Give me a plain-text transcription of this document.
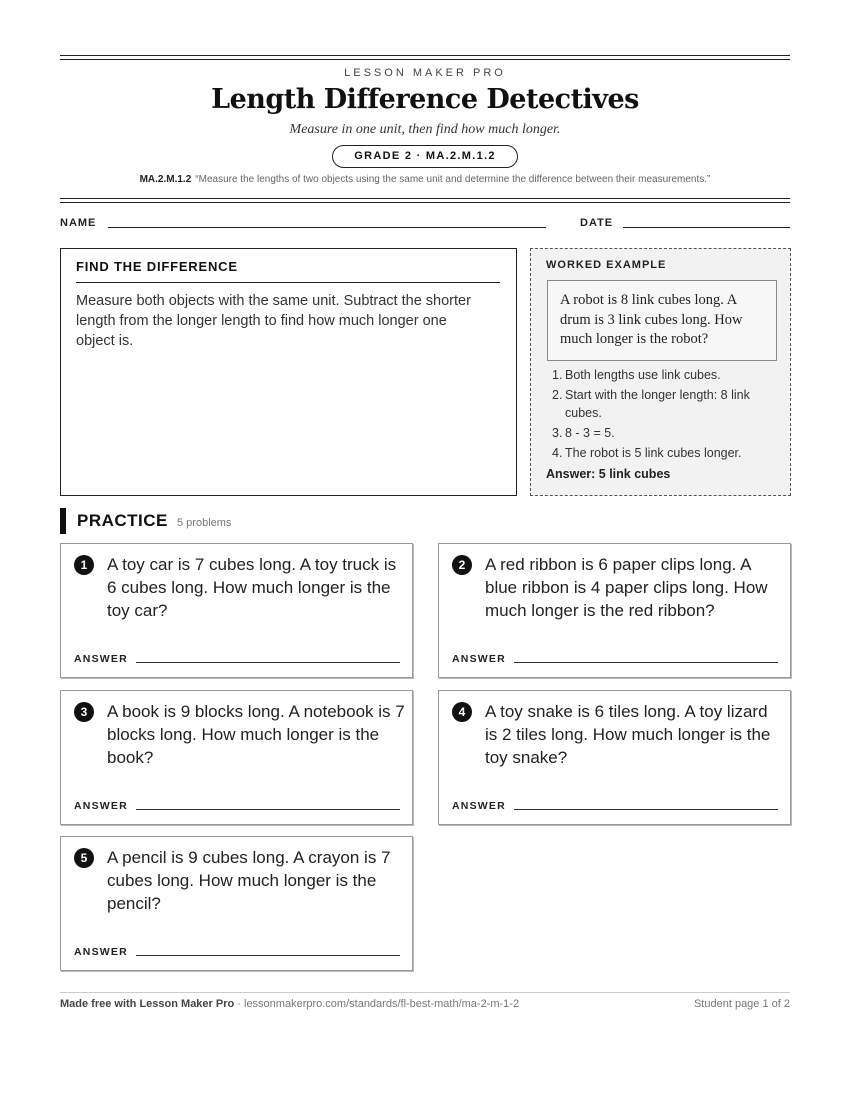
LESSON MAKER PRO
Length Difference Detectives
Measure in one unit, then find how much longer.
GRADE 2 · MA.2.M.1.2
MA.2.M.1.2 “Measure the lengths of two objects using the same unit and determine the difference between their measurements.”
NAME	DATE
FIND THE DIFFERENCE
Measure both objects with the same unit. Subtract the shorter length from the longer length to find how much longer one object is.
WORKED EXAMPLE
A robot is 8 link cubes long. A drum is 3 link cubes long. How much longer is the robot?
1. Both lengths use link cubes.
2. Start with the longer length: 8 link cubes.
3. 8 - 3 = 5.
4. The robot is 5 link cubes longer.
Answer: 5 link cubes
PRACTICE 5 problems
1	A toy car is 7 cubes long. A toy truck is 6 cubes long. How much longer is the toy car?
ANSWER
2	A red ribbon is 6 paper clips long. A blue ribbon is 4 paper clips long. How much longer is the red ribbon?
ANSWER
3	A book is 9 blocks long. A notebook is 7 blocks long. How much longer is the book?
ANSWER
4	A toy snake is 6 tiles long. A toy lizard is 2 tiles long. How much longer is the toy snake?
ANSWER
5	A pencil is 9 cubes long. A crayon is 7 cubes long. How much longer is the pencil?
ANSWER
Made free with Lesson Maker Pro · lessonmakerpro.com/standards/fl-best-math/ma-2-m-1-2	Student page 1 of 2
